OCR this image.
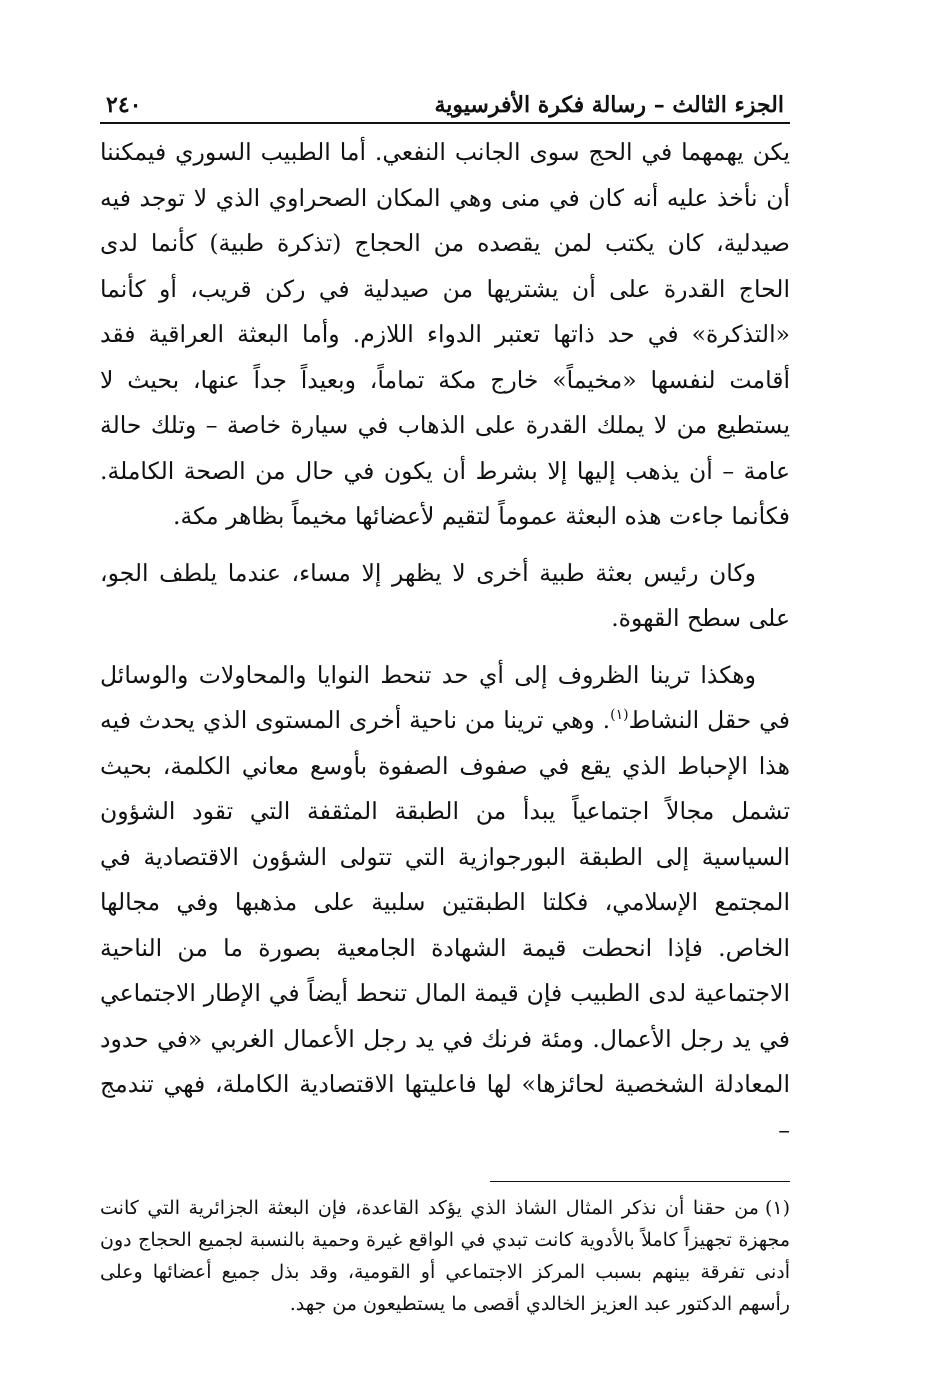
الجزء الثالث – رسالة فكرة الأفرسيوية
٢٤٠

يكن يهمهما في الحج سوى الجانب النفعي. أما الطبيب السوري فيمكننا أن نأخذ عليه أنه كان في منى وهي المكان الصحراوي الذي لا توجد فيه صيدلية، كان يكتب لمن يقصده من الحجاج (تذكرة طبية) كأنما لدى الحاج القدرة على أن يشتريها من صيدلية في ركن قريب، أو كأنما «التذكرة» في حد ذاتها تعتبر الدواء اللازم. وأما البعثة العراقية فقد أقامت لنفسها «مخيماً» خارج مكة تماماً، وبعيداً جداً عنها، بحيث لا يستطيع من لا يملك القدرة على الذهاب في سيارة خاصة – وتلك حالة عامة – أن يذهب إليها إلا بشرط أن يكون في حال من الصحة الكاملة. فكأنما جاءت هذه البعثة عموماً لتقيم لأعضائها مخيماً بظاهر مكة.

وكان رئيس بعثة طبية أخرى لا يظهر إلا مساء، عندما يلطف الجو، على سطح القهوة.

وهكذا ترينا الظروف إلى أي حد تنحط النوايا والمحاولات والوسائل في حقل النشاط$^{(١)}$. وهي ترينا من ناحية أخرى المستوى الذي يحدث فيه هذا الإحباط الذي يقع في صفوف الصفوة بأوسع معاني الكلمة، بحيث تشمل مجالاً اجتماعياً يبدأ من الطبقة المثقفة التي تقود الشؤون السياسية إلى الطبقة البورجوازية التي تتولى الشؤون الاقتصادية في المجتمع الإسلامي، فكلتا الطبقتين سلبية على مذهبها وفي مجالها الخاص. فإذا انحطت قيمة الشهادة الجامعية بصورة ما من الناحية الاجتماعية لدى الطبيب فإن قيمة المال تنحط أيضاً في الإطار الاجتماعي في يد رجل الأعمال. ومئة فرنك في يد رجل الأعمال الغربي «في حدود المعادلة الشخصية لحائزها» لها فاعليتها الاقتصادية الكاملة، فهي تندمج –

(١)من حقنا أن نذكر المثال الشاذ الذي يؤكد القاعدة، فإن البعثة الجزائرية التي كانت مجهزة تجهيزاً كاملاً بالأدوية كانت تبدي في الواقع غيرة وحمية بالنسبة لجميع الحجاج دون أدنى تفرقة بينهم بسبب المركز الاجتماعي أو القومية، وقد بذل جميع أعضائها وعلى رأسهم الدكتور عبد العزيز الخالدي أقصى ما يستطيعون من جهد.
